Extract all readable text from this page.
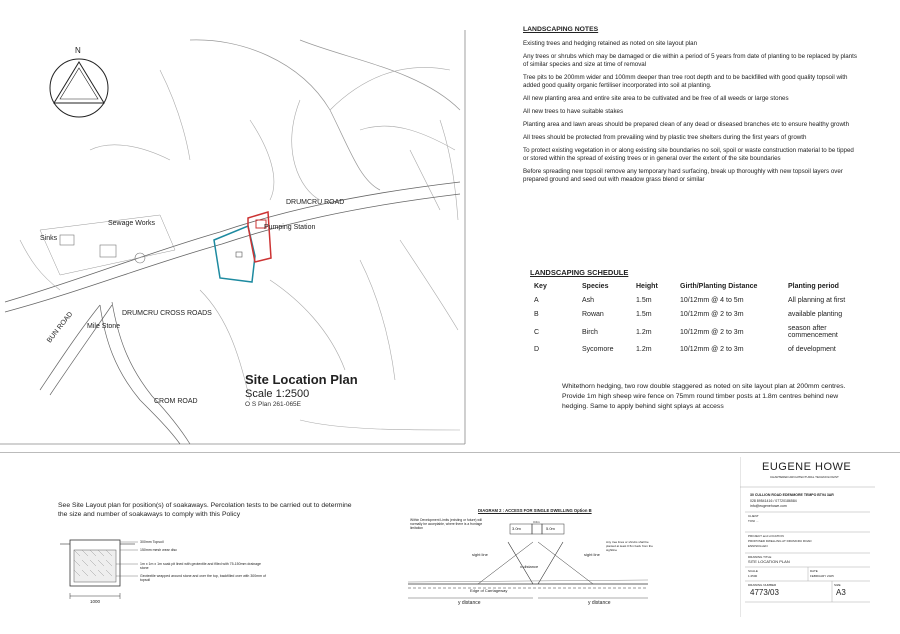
N
DRUMCRU ROAD
Sewage Works
Sinks
Pumping Station
DRUMCRU CROSS ROADS
Mile Stone
BUN ROAD
CROM ROAD
Site Location Plan
Scale 1:2500
O S Plan 261-065E
LANDSCAPING NOTES

Existing trees and hedging retained as noted on site layout plan

Any trees or shrubs which may be damaged or die within a period of 5 years from date of planting to be replaced by plants of similar species and size at time of removal

Tree pits to be 200mm wider and 100mm deeper than tree root depth and to be backfilled with good quality topsoil with added good quality organic fertiliser incorporated into soil at planting.

All new planting area and entire site area to be cultivated and be free of all weeds or large stones

All new trees to have suitable stakes

Planting area and lawn areas should be prepared clean of any dead or diseased branches etc to ensure healthy growth

All trees should be protected from prevailing wind by plastic tree shelters during the first years of growth

To protect existing vegetation in or along existing site boundaries no soil, spoil or waste construction material to be tipped or stored within the spread of existing trees or in general over the extent of the site boundaries

Before spreading new topsoil remove any temporary hard surfacing, break up thoroughly with new topsoil layers over prepared ground and seed out with meadow grass blend or similar

LANDSCAPING SCHEDULE
Key	Species	Height	Girth/Planting Distance	Planting period
A	Ash	1.5m	10/12mm @ 4 to 5m	All planning at first
B	Rowan	1.5m	10/12mm @ 2 to 3m	available planting
C	Birch	1.2m	10/12mm @ 2 to 3m	season after commencement
D	Sycomore	1.2m	10/12mm @ 2 to 3m	of development
Whitethorn hedging, two row double staggered as noted on site layout plan at 200mm centres. Provide 1m high sheep wire fence on 75mm round timber posts at 1.8m centres behind new hedging. Same to apply behind sight splays at access
See Site Layout plan for position(s) of soakaways. Percolation tests to be carried out to determine the size and number of soakaways to comply with this Policy
300mm Topsoil
150mm mesh wear disc
1m x 1m x 1m soak pit lined with geotextile and filled with 75-150mm drainage stone
Geotextile wrapped around stone and over the top, backfilled over with 300mm of topsoil
1000
DIAGRAM 2 : ACCESS FOR SINGLE DWELLING Option B
Within Development Limits (existing or future) will normally be acceptable, where there is a frontage limitation	3.0m
3.0m
5.0m
sight line	sight line
Any tree lines or shrubs shall be planted at least 0.5m back from the sightline
x-distance
Edge of Carriageway
y distance	y distance
EUGENE HOWE
CHARTERED ARCHITECTURAL TECHNOLOGIST
30 CULLION ROAD EDENMORE TEMPO BT94 3AR
028 89541416 / 07720186584
info@eugenehowe.com
CLIENT
TONI ...
PROJECT and LOCATION
PROPOSED DWELLING AT DRUMCRU ROAD
ENNISKILLEN
DRAWING TITLE
SITE LOCATION PLAN
SCALE
1:2500
DATE
FEBRUARY 2025
DRAWING NUMBER	SIZE
4773/03	A3
